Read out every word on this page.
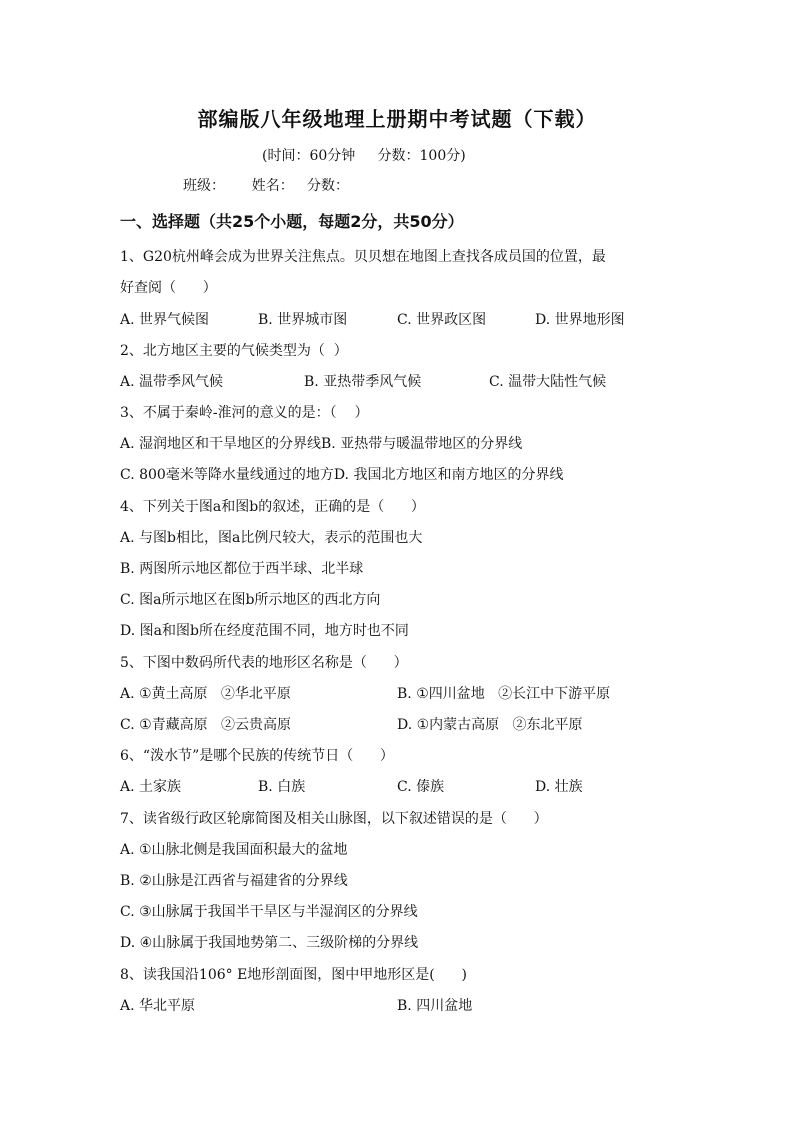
部编版八年级地理上册期中考试题（下载）
(时间：60分钟     分数：100分)
班级：      姓名：   分数：
一、选择题（共25个小题，每题2分，共50分）
1、G20杭州峰会成为世界关注焦点。贝贝想在地图上查找各成员国的位置，最
好查阅（      ）
A. 世界气候图	B. 世界城市图	C. 世界政区图	D. 世界地形图
2、北方地区主要的气候类型为（  ）
A. 温带季风气候	B. 亚热带季风气候	C. 温带大陆性气候
3、不属于秦岭-淮河的意义的是：（    ）
A. 湿润地区和干旱地区的分界线B. 亚热带与暖温带地区的分界线
C. 800毫米等降水量线通过的地方D. 我国北方地区和南方地区的分界线
4、下列关于图a和图b的叙述，正确的是（      ）
A. 与图b相比，图a比例尺较大，表示的范围也大
B. 两图所示地区都位于西半球、北半球
C. 图a所示地区在图b所示地区的西北方向
D. 图a和图b所在经度范围不同，地方时也不同
5、下图中数码所代表的地形区名称是（      ）
A. ①黄土高原   ②华北平原	B. ①四川盆地   ②长江中下游平原
C. ①青藏高原   ②云贵高原	D. ①内蒙古高原   ②东北平原
6、“泼水节”是哪个民族的传统节日（      ）
A. 土家族	B. 白族	C. 傣族	D. 壮族
7、读省级行政区轮廓简图及相关山脉图，以下叙述错误的是（      ）
A. ①山脉北侧是我国面积最大的盆地
B. ②山脉是江西省与福建省的分界线
C. ③山脉属于我国半干旱区与半湿润区的分界线
D. ④山脉属于我国地势第二、三级阶梯的分界线
8、读我国沿106° E地形剖面图，图中甲地形区是(      )
A. 华北平原	B. 四川盆地
